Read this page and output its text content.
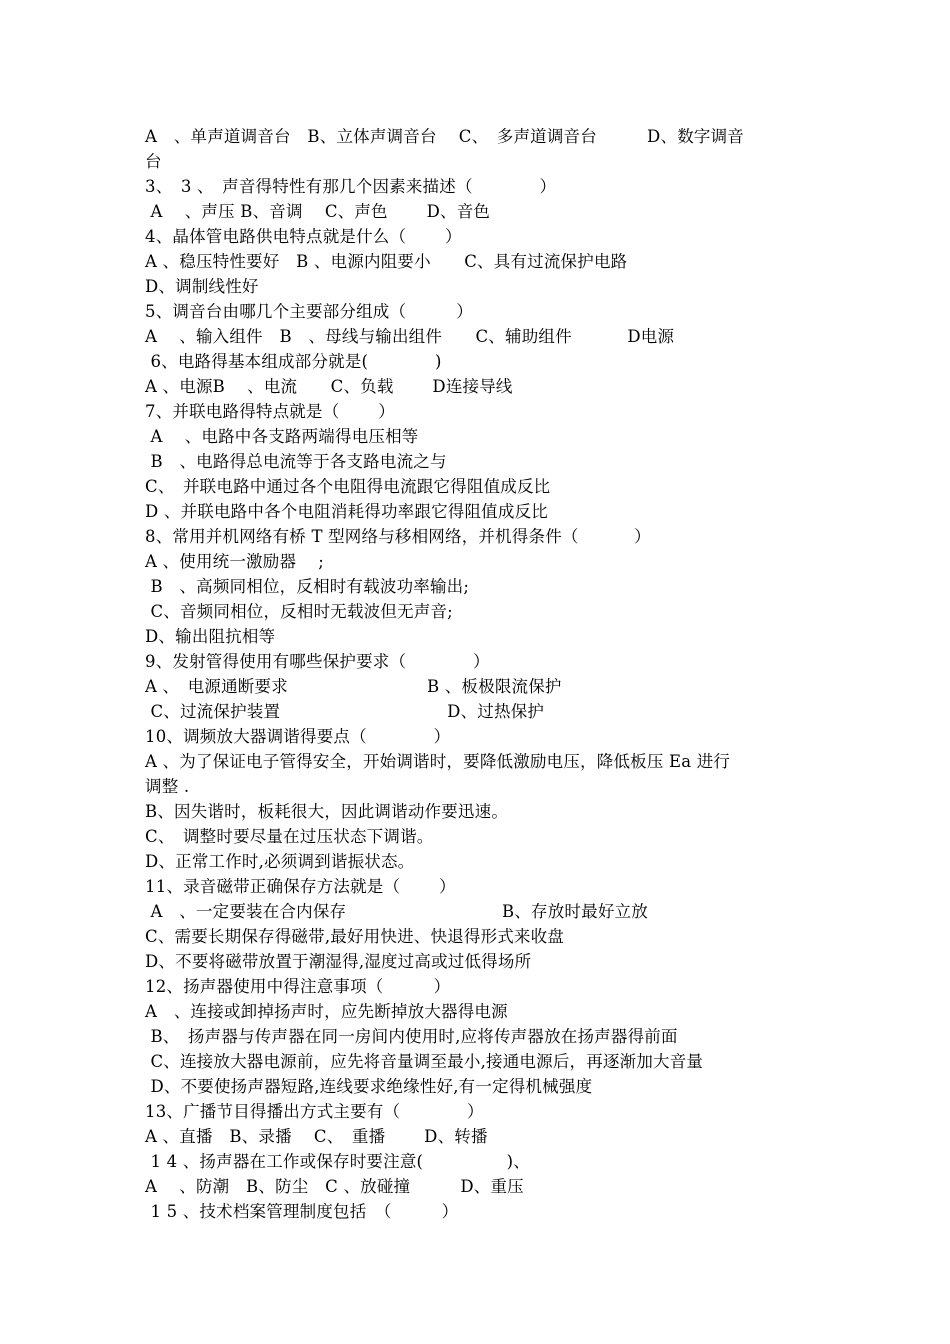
A　、单声道调音台　B、立体声调音台　 C、　多声道调音台　　　D、数字调音
台
3、　3 、　声音得特性有那几个因素来描述（　　　　）
A　 、声压 B、音调　 C、声色　　 D、音色
4、晶体管电路供电特点就是什么（　　 ）
A 、稳压特性要好　B 、电源内阻要小　　C、具有过流保护电路
D、调制线性好
5、调音台由哪几个主要部分组成（　　　）
A　 、输入组件　B　、母线与输出组件　　C、辅助组件　　　 D电源
6、电路得基本组成部分就是(　　　　)
A 、电源B　 、电流　　C、负载　　 D连接导线
7、并联电路得特点就是（　　 ）
A　 、电路中各支路两端得电压相等
B　、电路得总电流等于各支路电流之与
C、　并联电路中通过各个电阻得电流跟它得阻值成反比
D 、并联电路中各个电阻消耗得功率跟它得阻值成反比
8、常用并机网络有桥 T 型网络与移相网络，并机得条件（　　　 ）
A 、使用统一激励器　 ;
B　、高频同相位，反相时有载波功率输出;
C、音频同相位，反相时无载波但无声音;
D、输出阻抗相等
9、发射管得使用有哪些保护要求（　　　　）
A 、　电源通断要求　　　　　　　　 B 、板极限流保护
C、过流保护装置　　　　　　　　　　D、过热保护
10、调频放大器调谐得要点（　　　　）
A 、为了保证电子管得安全，开始调谐时，要降低激励电压，降低板压 Ea 进行
调整 .
B、因失谐时，板耗很大，因此调谐动作要迅速。
C、　调整时要尽量在过压状态下调谐。
D、正常工作时,必须调到谐振状态。
11、录音磁带正确保存方法就是（　　 ）
A　、一定要装在合内保存　　　　　　　　　 B、存放时最好立放
C、需要长期保存得磁带,最好用快进、快退得形式来收盘
D、不要将磁带放置于潮湿得,湿度过高或过低得场所
12、扬声器使用中得注意事项（　　　）
A　、连接或卸掉扬声时，应先断掉放大器得电源
B、　扬声器与传声器在同一房间内使用时,应将传声器放在扬声器得前面
C、连接放大器电源前，应先将音量调至最小,接通电源后，再逐渐加大音量
D、不要使扬声器短路,连线要求绝缘性好,有一定得机械强度
13、广播节目得播出方式主要有（　　　　）
A 、直播　B、录播　 C、　重播　　 D、转播
1 4 、扬声器在工作或保存时要注意(　　　　　)、
A　 、防潮　B、防尘　C 、放碰撞　　　D、重压
1 5 、技术档案管理制度包括　（　　　）
